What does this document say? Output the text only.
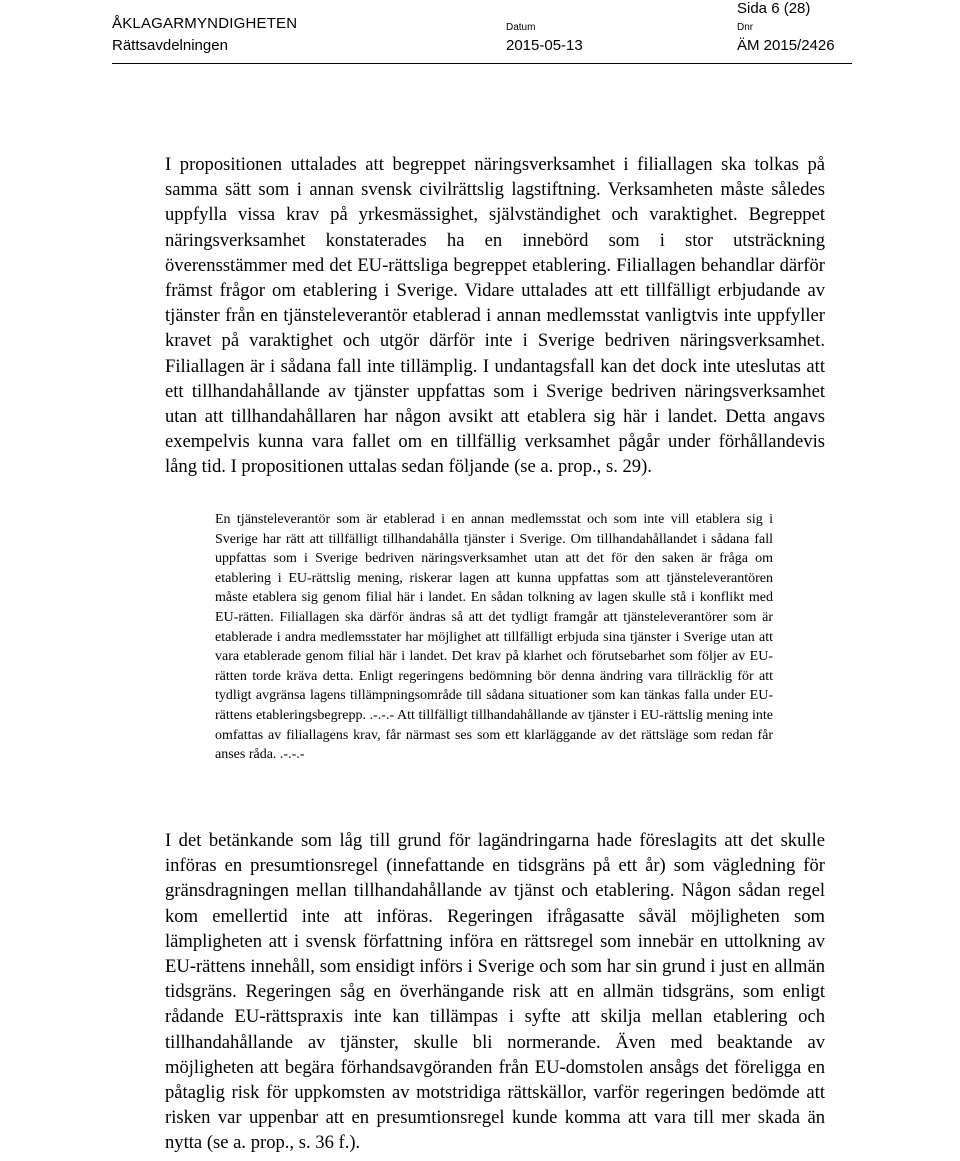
Sida 6 (28)
ÅKLAGARMYNDIGHETEN
Rättsavdelningen
Datum
2015-05-13
Dnr
ÄM 2015/2426

I propositionen uttalades att begreppet näringsverksamhet i filiallagen ska tolkas på samma sätt som i annan svensk civilrättslig lagstiftning. Verksamheten måste således uppfylla vissa krav på yrkesmässighet, självständighet och varaktighet. Begreppet näringsverksamhet konstaterades ha en innebörd som i stor utsträckning överensstämmer med det EU-rättsliga begreppet etablering. Filiallagen behandlar därför främst frågor om etablering i Sverige. Vidare uttalades att ett tillfälligt erbjudande av tjänster från en tjänsteleverantör etablerad i annan medlemsstat vanligtvis inte uppfyller kravet på varaktighet och utgör därför inte i Sverige bedriven näringsverksamhet. Filiallagen är i sådana fall inte tillämplig. I undantagsfall kan det dock inte uteslutas att ett tillhandahållande av tjänster uppfattas som i Sverige bedriven näringsverksamhet utan att tillhandahållaren har någon avsikt att etablera sig här i landet. Detta angavs exempelvis kunna vara fallet om en tillfällig verksamhet pågår under förhållandevis lång tid. I propositionen uttalas sedan följande (se a. prop., s. 29).

En tjänsteleverantör som är etablerad i en annan medlemsstat och som inte vill etablera sig i Sverige har rätt att tillfälligt tillhandahålla tjänster i Sverige. Om tillhandahållandet i sådana fall uppfattas som i Sverige bedriven näringsverksamhet utan att det för den saken är fråga om etablering i EU-rättslig mening, riskerar lagen att kunna uppfattas som att tjänsteleverantören måste etablera sig genom filial här i landet. En sådan tolkning av lagen skulle stå i konflikt med EU-rätten. Filiallagen ska därför ändras så att det tydligt framgår att tjänsteleverantörer som är etablerade i andra medlemsstater har möjlighet att tillfälligt erbjuda sina tjänster i Sverige utan att vara etablerade genom filial här i landet. Det krav på klarhet och förutsebarhet som följer av EU-rätten torde kräva detta. Enligt regeringens bedömning bör denna ändring vara tillräcklig för att tydligt avgränsa lagens tillämpningsområde till sådana situationer som kan tänkas falla under EU-rättens etableringsbegrepp. .-.-.- Att tillfälligt tillhandahållande av tjänster i EU-rättslig mening inte omfattas av filiallagens krav, får närmast ses som ett klarläggande av det rättsläge som redan får anses råda. .-.-.-

I det betänkande som låg till grund för lagändringarna hade föreslagits att det skulle införas en presumtionsregel (innefattande en tidsgräns på ett år) som vägledning för gränsdragningen mellan tillhandahållande av tjänst och etablering. Någon sådan regel kom emellertid inte att införas. Regeringen ifrågasatte såväl möjligheten som lämpligheten att i svensk författning införa en rättsregel som innebär en uttolkning av EU-rättens innehåll, som ensidigt införs i Sverige och som har sin grund i just en allmän tidsgräns. Regeringen såg en överhängande risk att en allmän tidsgräns, som enligt rådande EU-rättspraxis inte kan tillämpas i syfte att skilja mellan etablering och tillhandahållande av tjänster, skulle bli normerande. Även med beaktande av möjligheten att begära förhandsavgöranden från EU-domstolen ansågs det föreligga en påtaglig risk för uppkomsten av motstridiga rättskällor, varför regeringen bedömde att risken var uppenbar att en presumtionsregel kunde komma att vara till mer skada än nytta (se a. prop., s. 36 f.).
